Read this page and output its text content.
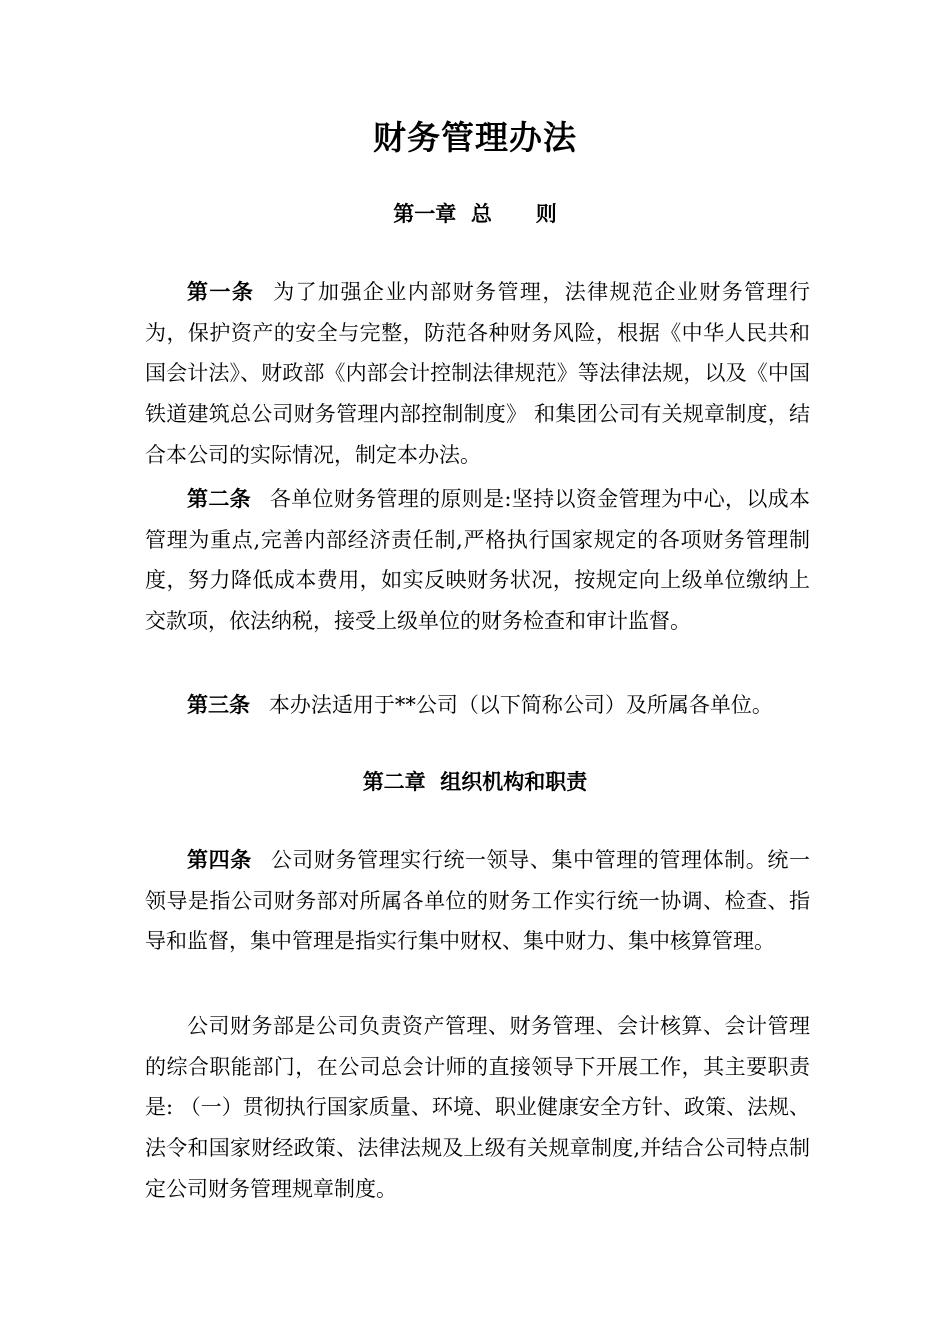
财务管理办法
第一章  总      则

第一条 为了加强企业内部财务管理，法律规范企业财务管理行为，保护资产的安全与完整，防范各种财务风险，根据《中华人民共和国会计法》、财政部《内部会计控制法律规范》等法律法规，以及《中国铁道建筑总公司财务管理内部控制制度》 和集团公司有关规章制度，结合本公司的实际情况，制定本办法。

第二条 各单位财务管理的原则是:坚持以资金管理为中心，以成本管理为重点,完善内部经济责任制,严格执行国家规定的各项财务管理制度，努力降低成本费用，如实反映财务状况，按规定向上级单位缴纳上交款项，依法纳税，接受上级单位的财务检查和审计监督。

第三条 本办法适用于**公司（以下简称公司）及所属各单位。

第二章  组织机构和职责

第四条 公司财务管理实行统一领导、集中管理的管理体制。统一领导是指公司财务部对所属各单位的财务工作实行统一协调、检查、指导和监督，集中管理是指实行集中财权、集中财力、集中核算管理。

公司财务部是公司负责资产管理、财务管理、会计核算、会计管理的综合职能部门，在公司总会计师的直接领导下开展工作，其主要职责是: （一）贯彻执行国家质量、环境、职业健康安全方针、政策、法规、法令和国家财经政策、法律法规及上级有关规章制度,并结合公司特点制定公司财务管理规章制度。
